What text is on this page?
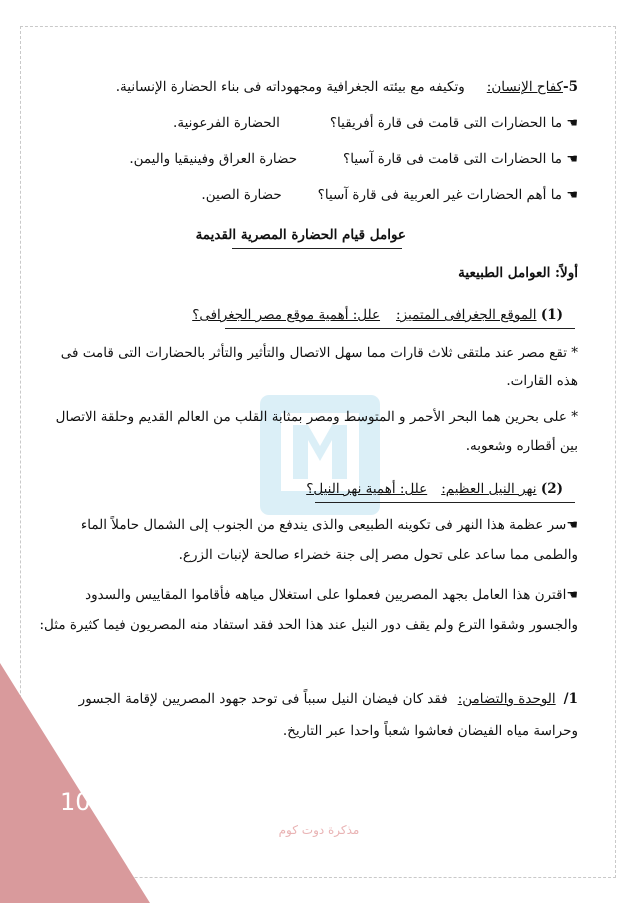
5-كفاح الإنسان:وتكيفه مع بيئته الجغرافية ومجهوداته فى بناء الحضارة الإنسانية.
☚ ما الحضارات التى قامت فى قارة أفريقيا؟الحضارة الفرعونية.
☚ ما الحضارات التى قامت فى قارة آسيا؟حضارة العراق وفينيقيا واليمن.
☚ ما أهم الحضارات غير العربية فى قارة آسيا؟حضارة الصين.
عوامل قيام الحضارة المصرية القديمة
أولاً: العوامل الطبيعية
(1) الموقع الجغرافى المتميز:علل: أهمية موقع مصر الجغرافى؟
* تقع مصر عند ملتقى ثلاث قارات مما سهل الاتصال والتأثير والتأثر بالحضارات التى قامت فى
هذه القارات.
* على بحرين هما البحر الأحمر و المتوسط ومصر بمثابة القلب من العالم القديم وحلقة الاتصال
بين أقطاره وشعوبه.
(2) نهر النيل العظيم:علل: أهمية نهر النيل؟
☚سر عظمة هذا النهر فى تكوينه الطبيعى والذى يندفع من الجنوب إلى الشمال حاملاً الماء
والطمى مما ساعد على تحول مصر إلى جنة خضراء صالحة لإنبات الزرع.
☚اقترن هذا العامل بجهد المصريين فعملوا على استغلال مياهه فأقاموا المقاييس والسدود
والجسور وشقوا الترع ولم يقف دور النيل عند هذا الحد فقد استفاد منه المصريون فيما كثيرة مثل:
1/الوحدة والتضامن:فقد كان فيضان النيل سبباً فى توحد جهود المصريين لإقامة الجسور
وحراسة مياه الفيضان فعاشوا شعباً واحدا عبر التاريخ.
10
مذكرة دوت كوم
